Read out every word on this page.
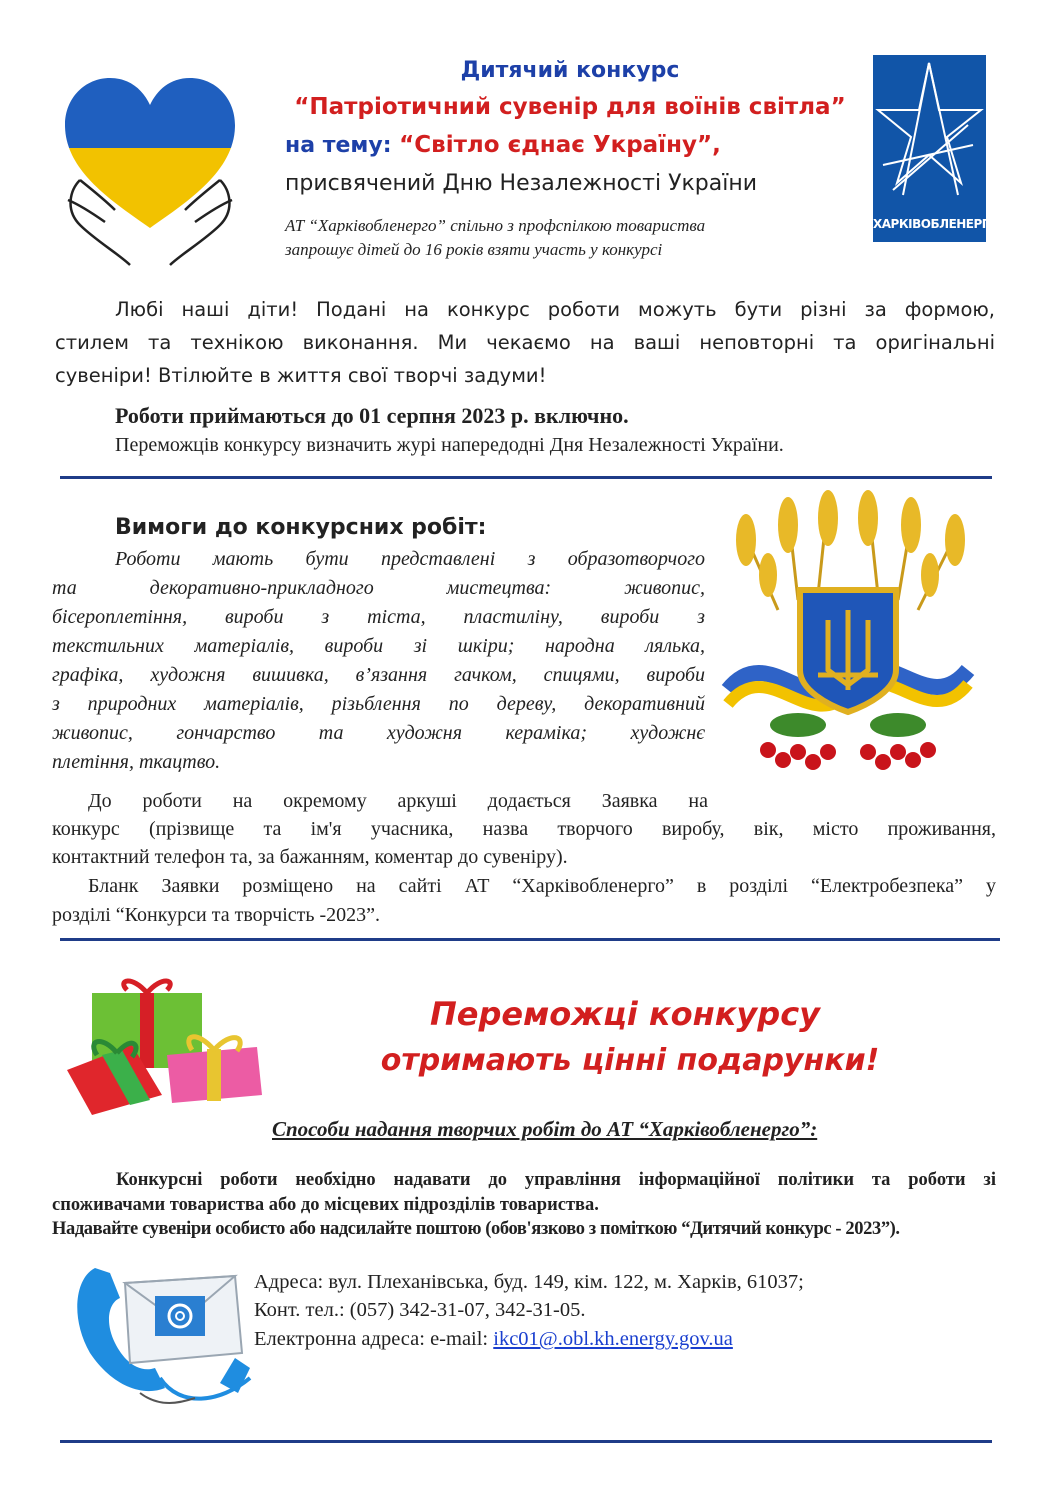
Дитячий конкурс
“Патріотичний сувенір для воїнів світла”
на тему: “Світло єднає Україну”,
присвячений Дню Незалежності України
АТ “Харківобленерго” спільно з профспілкою товариства
запрошує дітей до 16 років взяти участь у конкурсі
ХАРКІВОБЛЕНЕРГО
Любі наші діти! Подані на конкурс роботи можуть бути різні за формою,
стилем та технікою виконання. Ми чекаємо на ваші неповторні та оригінальні
сувеніри! Втілюйте в життя свої творчі задуми!
Роботи приймаються до 01 серпня 2023 р. включно.
Переможців конкурсу визначить журі напередодні Дня Незалежності України.
Вимоги до конкурсних робіт:
Роботи мають бути представлені з образотворчого
та декоративно-прикладного мистецтва: живопис,
бісероплетіння, вироби з тіста, пластиліну, вироби з
текстильних матеріалів, вироби зі шкіри; народна лялька,
графіка, художня вишивка, в’язання гачком, спицями, вироби
з природних матеріалів, різьблення по дереву, декоративний
живопис, гончарство та художня кераміка; художнє
плетіння, ткацтво.
До роботи на окремому аркуші додається Заявка на
конкурс (прізвище та ім'я учасника, назва творчого виробу, вік, місто проживання,
контактний телефон та, за бажанням, коментар до сувеніру).
Бланк Заявки розміщено на сайті АТ “Харківобленерго” в розділі “Електробезпека” у
розділі “Конкурси та творчість -2023”.
Переможці конкурсу
отримають цінні подарунки!
Способи надання творчих робіт до АТ “Харківобленерго”:
Конкурсні роботи необхідно надавати до управління інформаційної політики та роботи зі
споживачами товариства або до місцевих підрозділів товариства.
Надавайте сувеніри особисто або надсилайте поштою (обов'язково з поміткою “Дитячий конкурс - 2023”).
Адреса: вул. Плеханівська, буд. 149, кім. 122, м. Харків, 61037;
Конт. тел.: (057) 342-31-07, 342-31-05.
Електронна адреса: e-mail: ikc01@.obl.kh.energy.gov.ua
